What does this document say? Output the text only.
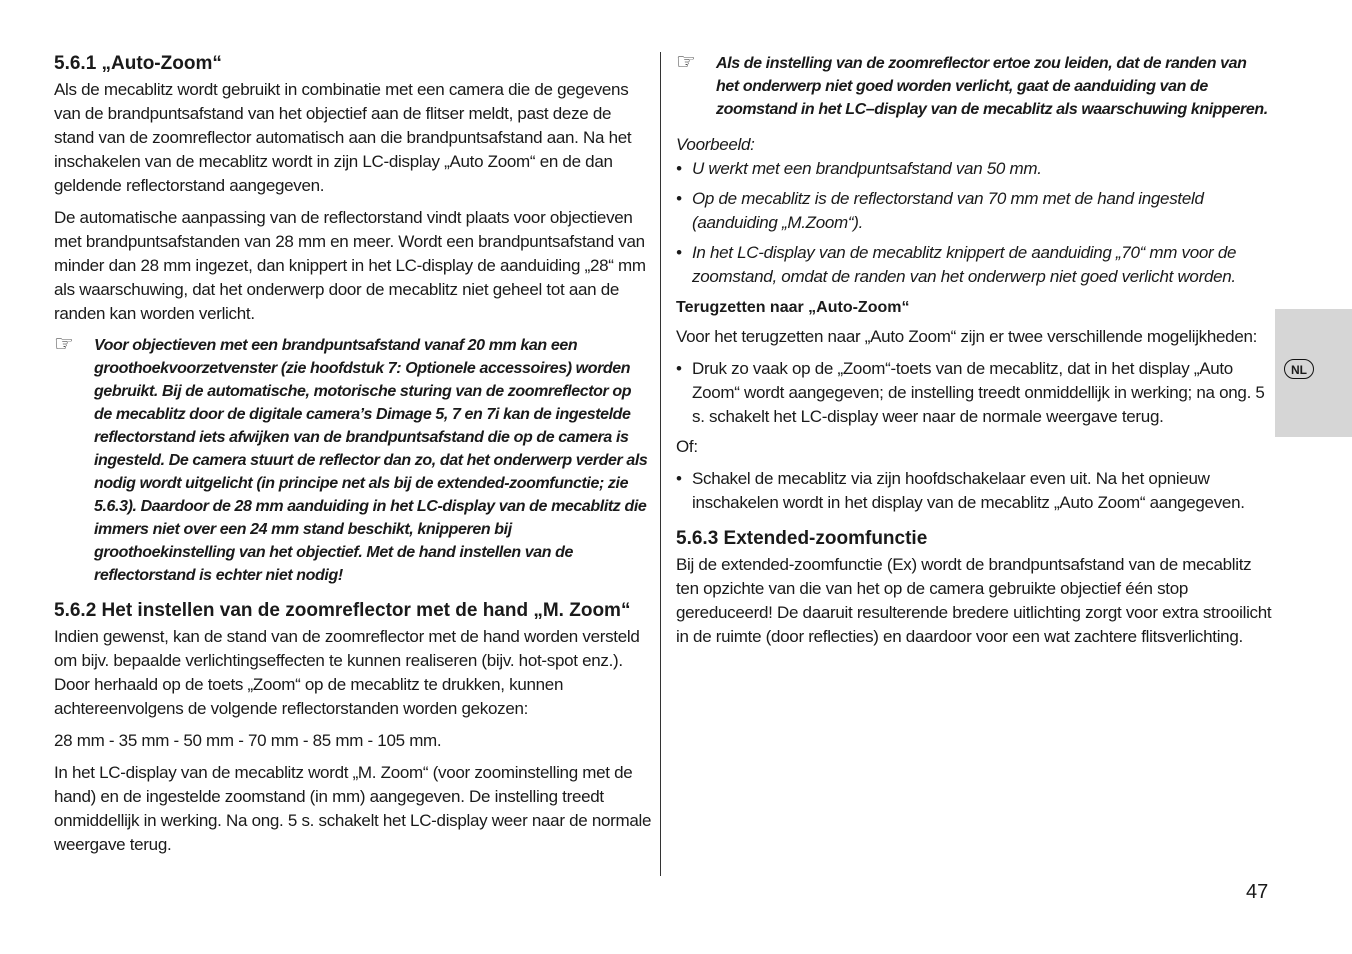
5.6.1 „Auto-Zoom“

Als de mecablitz wordt gebruikt in combinatie met een camera die de gegevens van de brandpuntsafstand van het objectief aan de flitser meldt, past deze de stand van de zoomreflector automatisch aan die brandpuntsafstand aan. Na het inschakelen van de mecablitz wordt in zijn LC-display „Auto Zoom“ en de dan geldende reflectorstand aangegeven.

De automatische aanpassing van de reflectorstand vindt plaats voor objectieven met brandpuntsafstanden van 28 mm en meer. Wordt een brandpuntsafstand van minder dan 28 mm ingezet, dan knippert in het LC-display de aanduiding „28“ mm als waarschuwing, dat het onderwerp door de mecablitz niet geheel tot aan de randen kan worden verlicht.

☞ Voor objectieven met een brandpuntsafstand vanaf 20 mm kan een groothoekvoorzetvenster (zie hoofdstuk 7: Optionele accessoires) worden gebruikt. Bij de automatische, motorische sturing van de zoomreflector op de mecablitz door de digitale camera’s Dimage 5, 7 en 7i kan de ingestelde reflectorstand iets afwijken van de brandpuntsafstand die op de camera is ingesteld. De camera stuurt de reflector dan zo, dat het onderwerp verder als nodig wordt uitgelicht (in principe net als bij de extended-zoomfunctie; zie 5.6.3). Daardoor de 28 mm aanduiding in het LC-display van de mecablitz die immers niet over een 24 mm stand beschikt, knipperen bij groothoekinstelling van het objectief. Met de hand instellen van de reflectorstand is echter niet nodig!

5.6.2 Het instellen van de zoomreflector met de hand „M. Zoom“

Indien gewenst, kan de stand van de zoomreflector met de hand worden versteld om bijv. bepaalde verlichtingseffecten te kunnen realiseren (bijv. hot-spot enz.). Door herhaald op de toets „Zoom“ op de mecablitz te drukken, kunnen achtereenvolgens de volgende reflectorstanden worden gekozen:

28 mm - 35 mm - 50 mm - 70 mm - 85 mm - 105 mm.

In het LC-display van de mecablitz wordt „M. Zoom“ (voor zoominstelling met de hand) en de ingestelde zoomstand (in mm) aangegeven. De instelling treedt onmiddellijk in werking. Na ong. 5 s. schakelt het LC-display weer naar de normale weergave terug.

☞ Als de instelling van de zoomreflector ertoe zou leiden, dat de randen van het onderwerp niet goed worden verlicht, gaat de aanduiding van de zoomstand in het LC–display van de mecablitz als waarschuwing knipperen.

Voorbeeld:

• U werkt met een brandpuntsafstand van 50 mm.
• Op de mecablitz is de reflectorstand van 70 mm met de hand ingesteld (aanduiding „M.Zoom“).
• In het LC-display van de mecablitz knippert de aanduiding „70“ mm voor de zoomstand, omdat de randen van het onderwerp niet goed verlicht worden.
Terugzetten naar „Auto-Zoom“

Voor het terugzetten naar „Auto Zoom“ zijn er twee verschillende mogelijkheden:

• Druk zo vaak op de „Zoom“-toets van de mecablitz, dat in het display „Auto Zoom“ wordt aangegeven; de instelling treedt onmiddellijk in werking; na ong. 5 s. schakelt het LC-display weer naar de normale weergave terug.

Of:

• Schakel de mecablitz via zijn hoofdschakelaar even uit. Na het opnieuw inschakelen wordt in het display van de mecablitz „Auto Zoom“ aangegeven.
5.6.3 Extended-zoomfunctie

Bij de extended-zoomfunctie (Ex) wordt de brandpuntsafstand van de mecablitz ten opzichte van die van het op de camera gebruikte objectief één stop gereduceerd! De daaruit resulterende bredere uitlichting zorgt voor extra strooilicht in de ruimte (door reflecties) en daardoor voor een wat zachtere flitsverlichting.

NL
47
